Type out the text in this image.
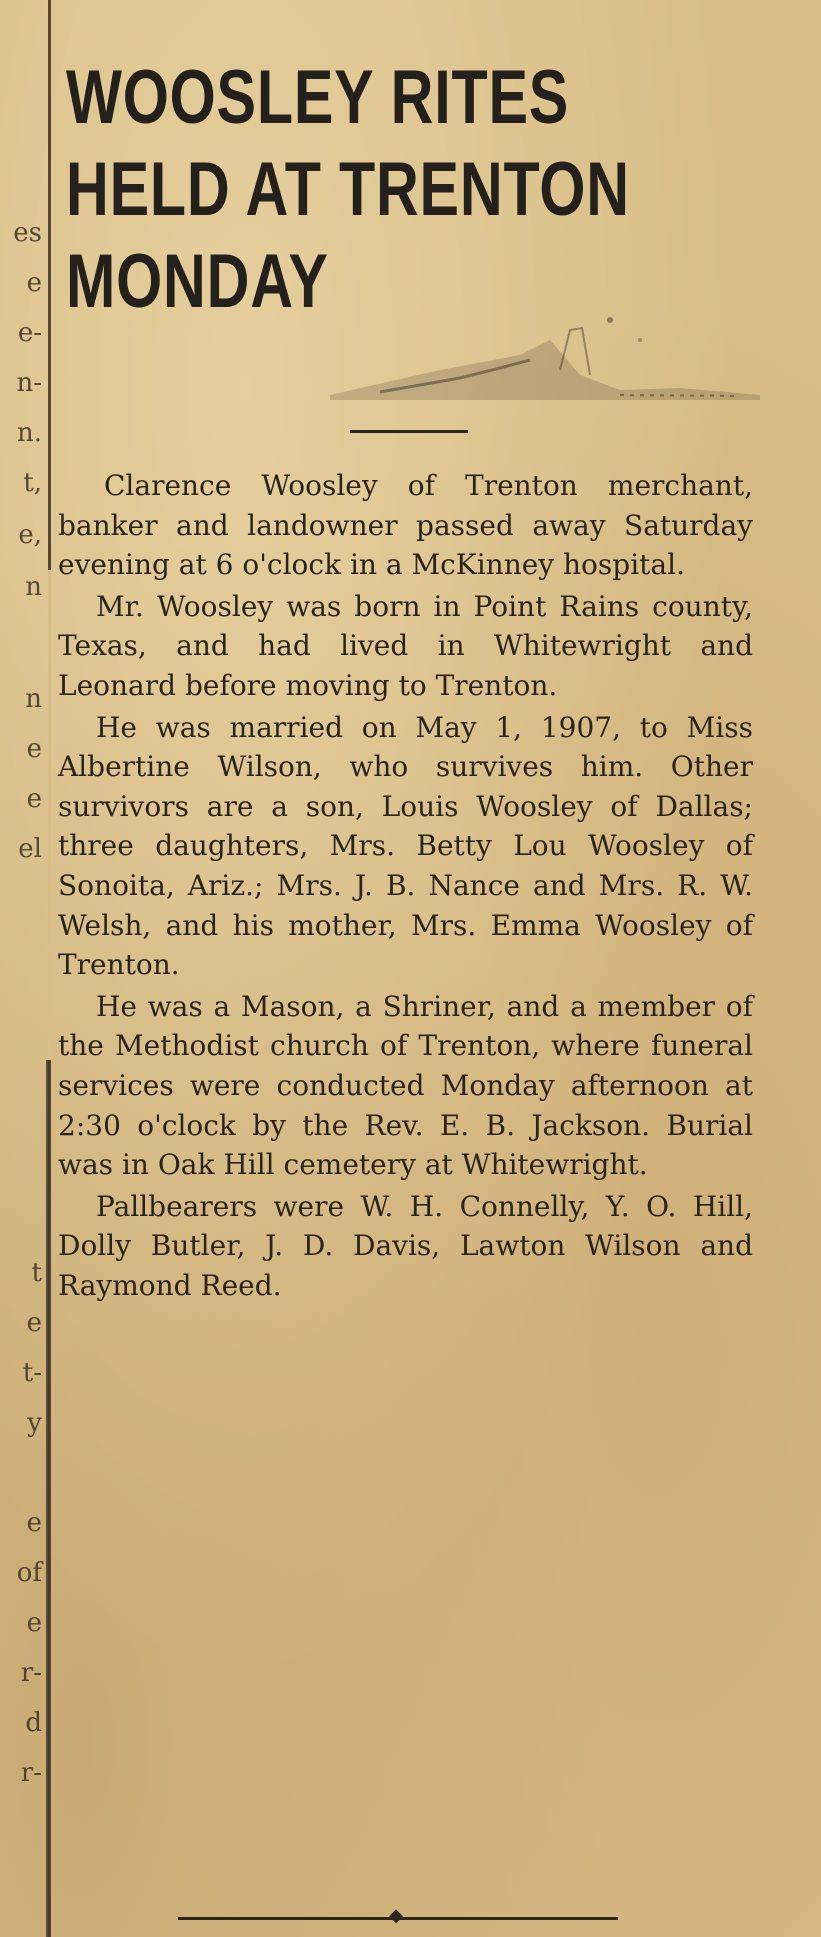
es
e
e-
n-
n.
t,
e,
n
n
e
e
el
t
e
t-
y
e
of
e
r-
d
r-
WOOSLEY RITES
HELD AT TRENTON
MONDAY

Clarence Woosley of Trenton merchant, banker and landowner passed away Saturday evening at 6 o'clock in a McKinney hospital.

Mr. Woosley was born in Point Rains county, Texas, and had lived in Whitewright and Leonard before moving to Trenton.

He was married on May 1, 1907, to Miss Albertine Wilson, who survives him. Other survivors are a son, Louis Woosley of Dallas; three daughters, Mrs. Betty Lou Woosley of Sonoita, Ariz.; Mrs. J. B. Nance and Mrs. R. W. Welsh, and his mother, Mrs. Emma Woosley of Trenton.

He was a Mason, a Shriner, and a member of the Methodist church of Trenton, where funeral services were conducted Monday afternoon at 2:30 o'clock by the Rev. E. B. Jackson. Burial was in Oak Hill cemetery at Whitewright.

Pallbearers were W. H. Connelly, Y. O. Hill, Dolly Butler, J. D. Davis, Lawton Wilson and Raymond Reed.

◆
